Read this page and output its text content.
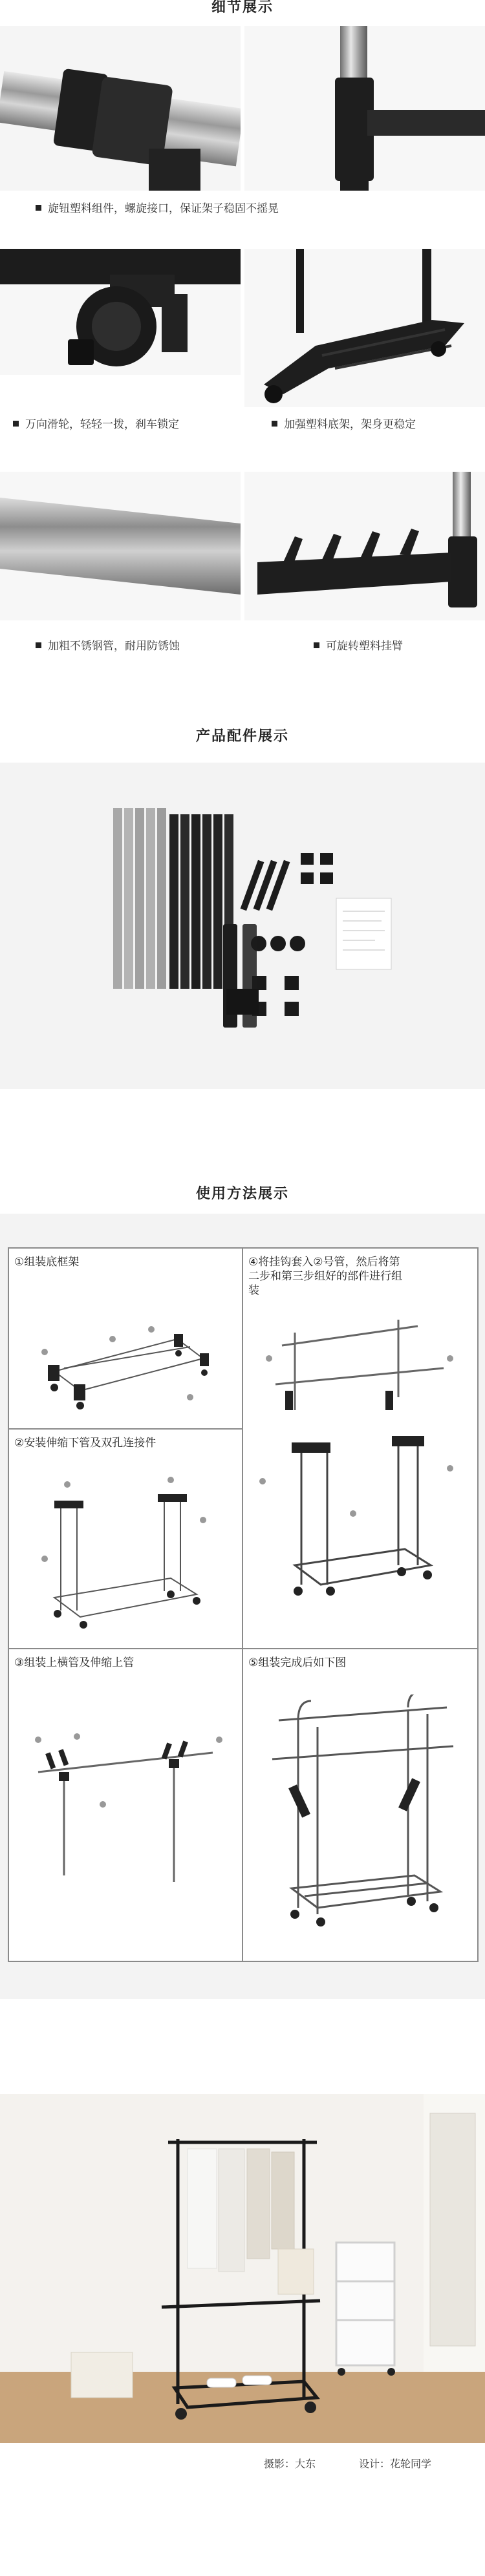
细节展示
旋钮塑料组件，螺旋接口，保证架子稳固不摇晃
万向滑轮，轻轻一拨，刹车锁定	加强塑料底架，架身更稳定
加粗不锈钢管，耐用防锈蚀	可旋转塑料挂臂
产品配件展示
使用方法展示
①组装底框架	④将挂钩套入②号管，然后将第二步和第三步组好的部件进行组装
②安装伸缩下管及双孔连接件
③组装上横管及伸缩上管	⑤组装完成后如下图
摄影：大东	设计：花轮同学
